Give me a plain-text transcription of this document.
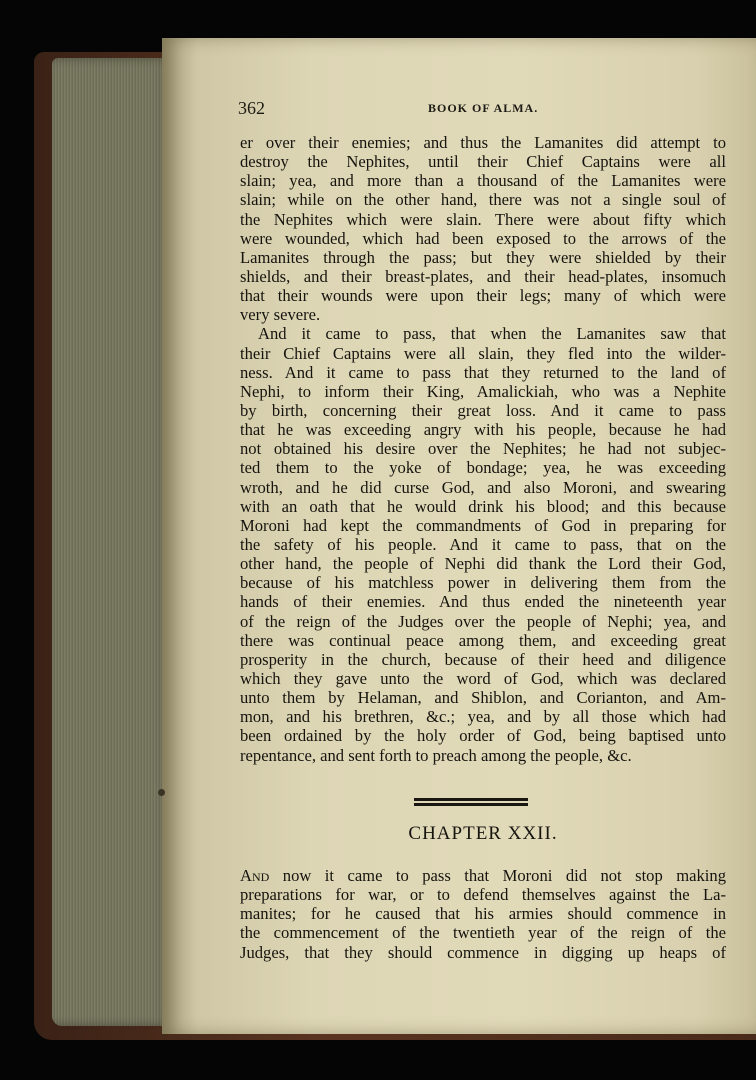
362	BOOK OF ALMA.
er over their enemies; and thus the Lamanites did attempt to
destroy the Nephites, until their Chief Captains were all
slain; yea, and more than a thousand of the Lamanites were
slain; while on the other hand, there was not a single soul of
the Nephites which were slain. There were about fifty which
were wounded, which had been exposed to the arrows of the
Lamanites through the pass; but they were shielded by their
shields, and their breast-plates, and their head-plates, insomuch
that their wounds were upon their legs; many of which were
very severe.
And it came to pass, that when the Lamanites saw that
their Chief Captains were all slain, they fled into the wilder-
ness. And it came to pass that they returned to the land of
Nephi, to inform their King, Amalickiah, who was a Nephite
by birth, concerning their great loss. And it came to pass
that he was exceeding angry with his people, because he had
not obtained his desire over the Nephites; he had not subjec-
ted them to the yoke of bondage; yea, he was exceeding
wroth, and he did curse God, and also Moroni, and swearing
with an oath that he would drink his blood; and this because
Moroni had kept the commandments of God in preparing for
the safety of his people. And it came to pass, that on the
other hand, the people of Nephi did thank the Lord their God,
because of his matchless power in delivering them from the
hands of their enemies. And thus ended the nineteenth year
of the reign of the Judges over the people of Nephi; yea, and
there was continual peace among them, and exceeding great
prosperity in the church, because of their heed and diligence
which they gave unto the word of God, which was declared
unto them by Helaman, and Shiblon, and Corianton, and Am-
mon, and his brethren, &c.; yea, and by all those which had
been ordained by the holy order of God, being baptised unto
repentance, and sent forth to preach among the people, &c.
CHAPTER XXII.
And now it came to pass that Moroni did not stop making
preparations for war, or to defend themselves against the La-
manites; for he caused that his armies should commence in
the commencement of the twentieth year of the reign of the
Judges, that they should commence in digging up heaps of
